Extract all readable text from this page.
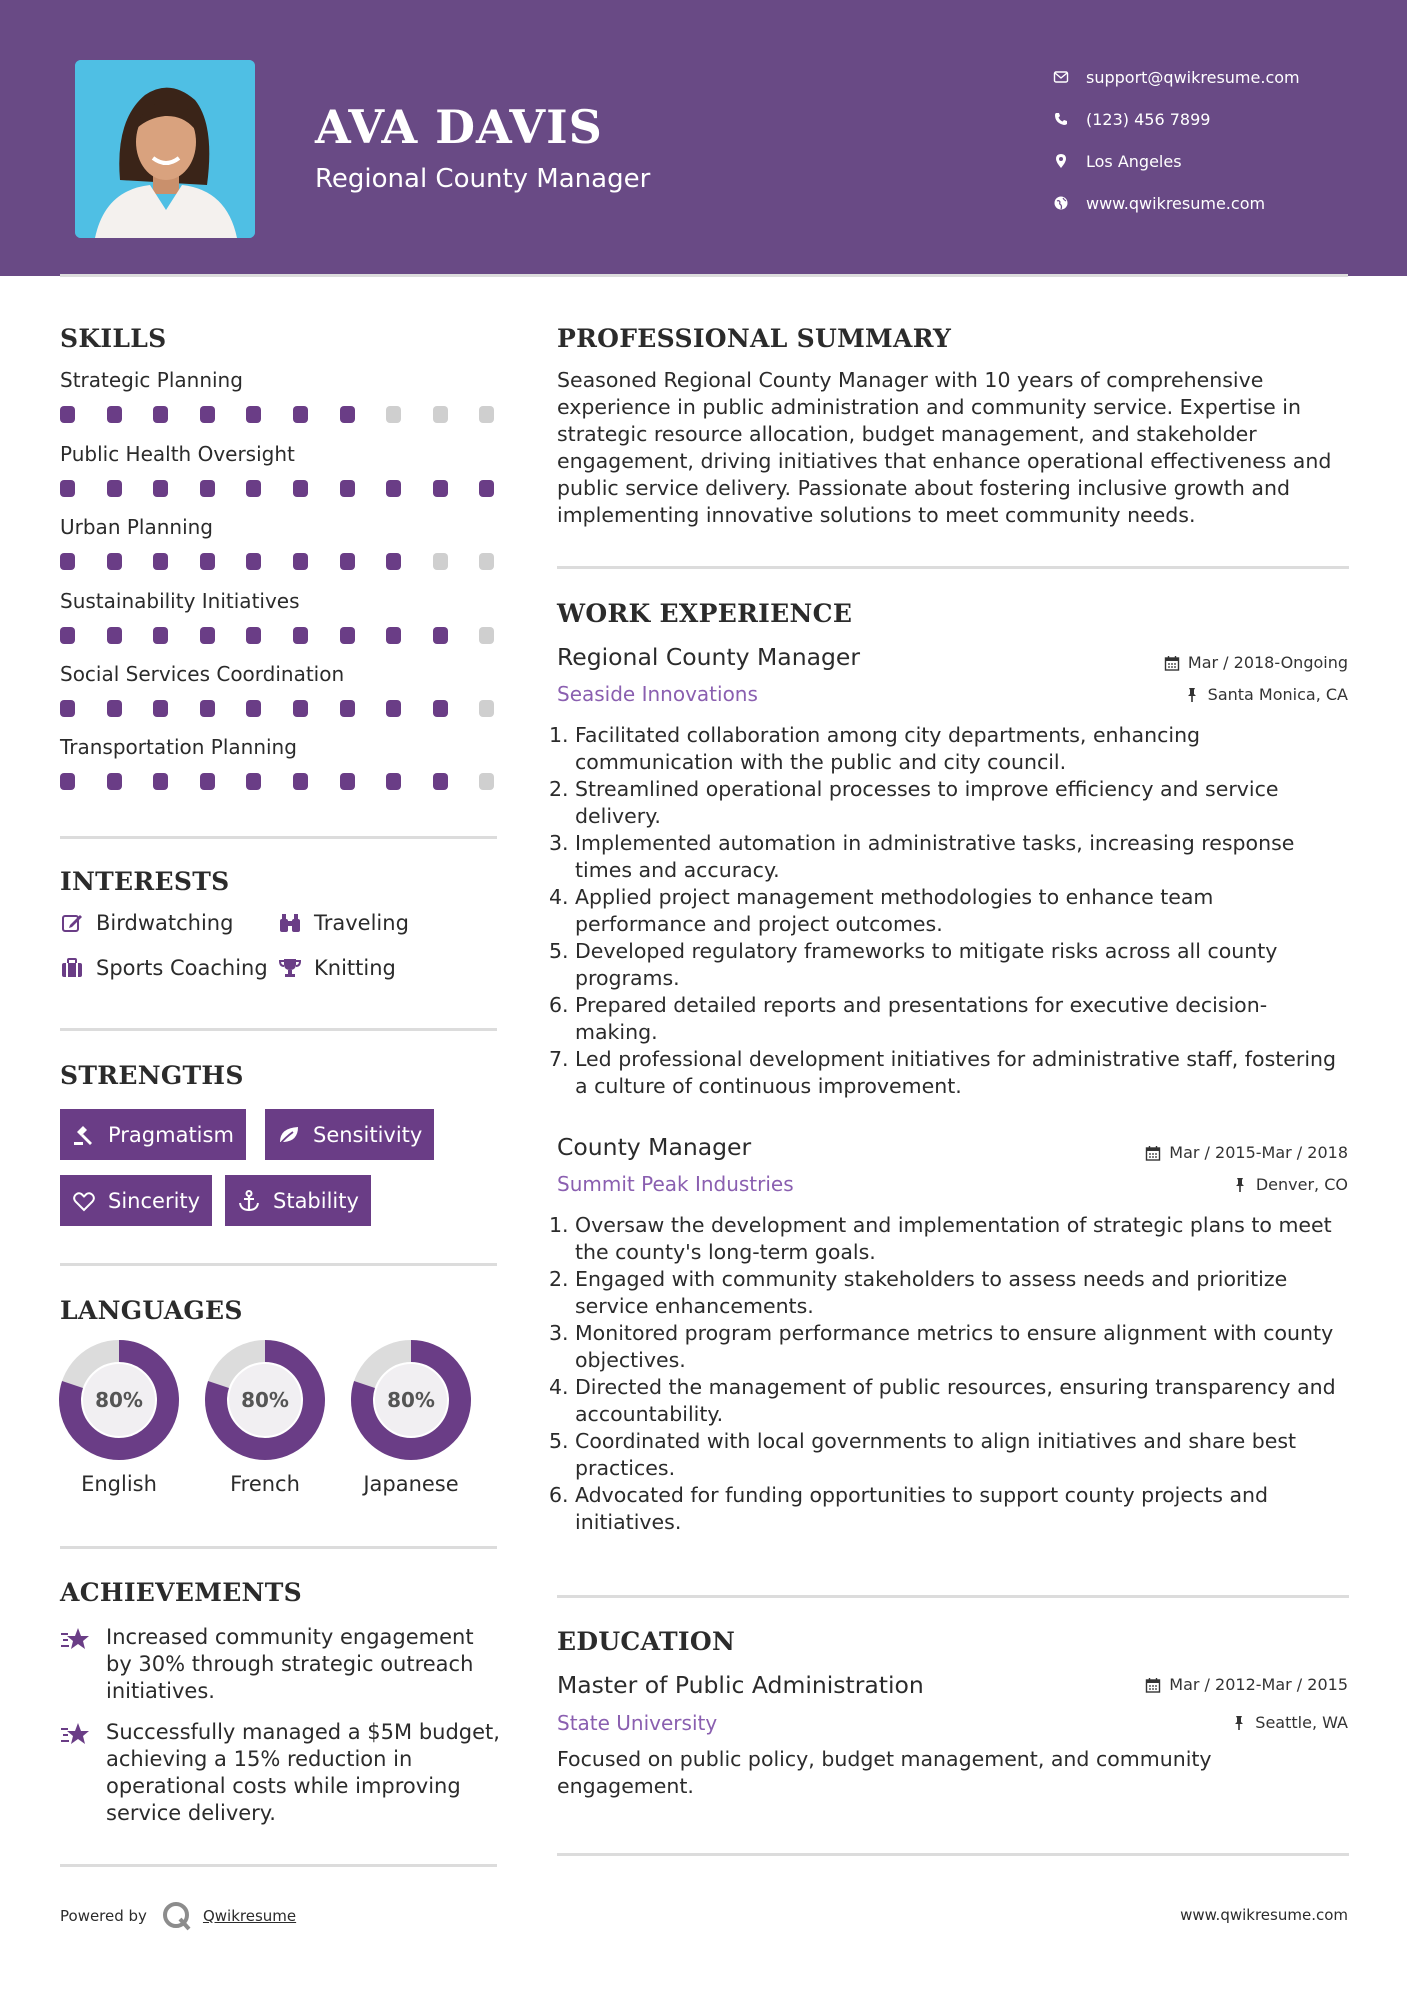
AVA DAVIS
Regional County Manager
support@qwikresume.com
(123) 456 7899
Los Angeles
www.qwikresume.com
SKILLS
Strategic Planning
Public Health Oversight
Urban Planning
Sustainability Initiatives
Social Services Coordination
Transportation Planning
INTERESTS
Birdwatching	Traveling
Sports Coaching Knitting
STRENGTHS
Pragmatism	Sensitivity
Sincerity	Stability
LANGUAGES
80%
English
80%
French
80%
Japanese
ACHIEVEMENTS
Increased community engagement by 30% through strategic outreach initiatives.
Successfully managed a $5M budget, achieving a 15% reduction in operational costs while improving service delivery.
PROFESSIONAL SUMMARY
Seasoned Regional County Manager with 10 years of comprehensive experience in public administration and community service. Expertise in strategic resource allocation, budget management, and stakeholder engagement, driving initiatives that enhance operational effectiveness and public service delivery. Passionate about fostering inclusive growth and implementing innovative solutions to meet community needs.
WORK EXPERIENCE
Regional County Manager	Mar / 2018-Ongoing
Seaside Innovations	Santa Monica, CA
Facilitated collaboration among city departments, enhancing communication with the public and city council.
Streamlined operational processes to improve efficiency and service delivery.
Implemented automation in administrative tasks, increasing response times and accuracy.
Applied project management methodologies to enhance team performance and project outcomes.
Developed regulatory frameworks to mitigate risks across all county programs.
Prepared detailed reports and presentations for executive decision-making.
Led professional development initiatives for administrative staff, fostering a culture of continuous improvement.
County Manager	Mar / 2015-Mar / 2018
Summit Peak Industries	Denver, CO
Oversaw the development and implementation of strategic plans to meet the county's long-term goals.
Engaged with community stakeholders to assess needs and prioritize service enhancements.
Monitored program performance metrics to ensure alignment with county objectives.
Directed the management of public resources, ensuring transparency and accountability.
Coordinated with local governments to align initiatives and share best practices.
Advocated for funding opportunities to support county projects and initiatives.
EDUCATION
Master of Public Administration	Mar / 2012-Mar / 2015
State University	Seattle, WA
Focused on public policy, budget management, and community engagement.
Powered by	Qwikresume	www.qwikresume.com
